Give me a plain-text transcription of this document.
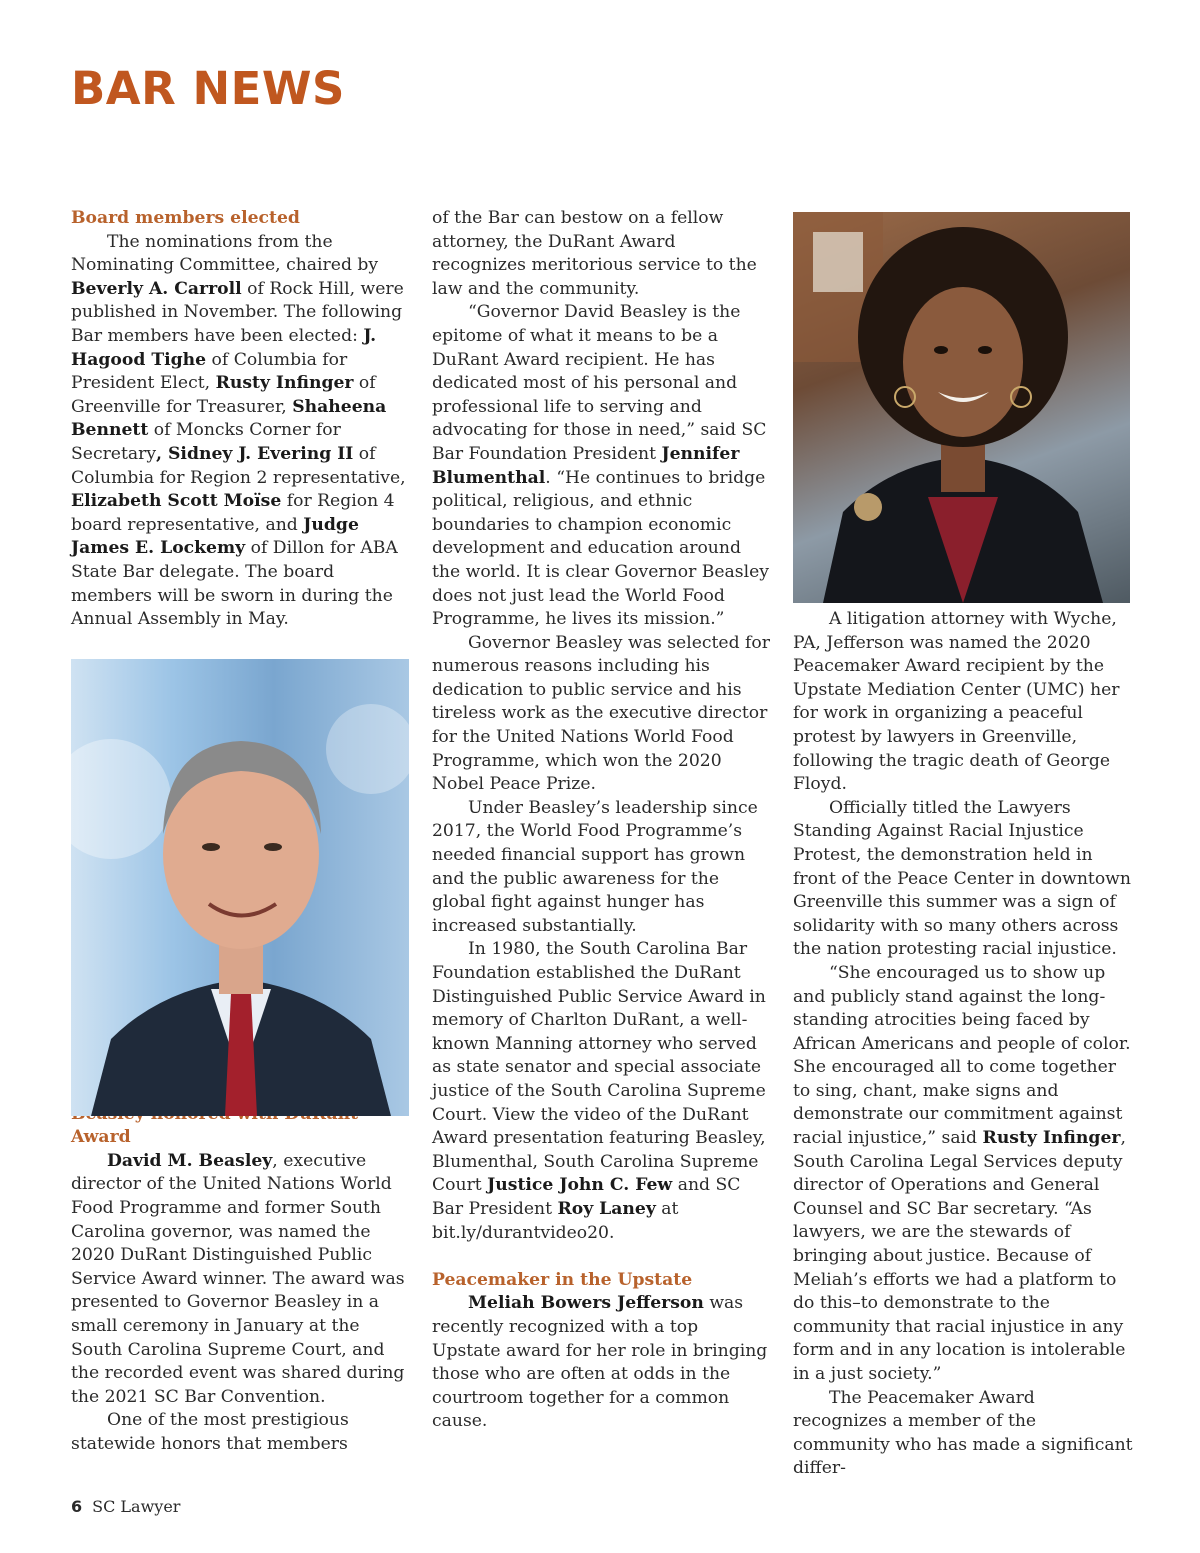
BAR NEWS
Board members elected

The nominations from the Nominating Committee, chaired by Beverly A. Carroll of Rock Hill, were published in November. The following Bar members have been elected: J. Hagood Tighe of Columbia for President Elect, Rusty Infinger of Greenville for Treasurer, Shaheena Bennett of Moncks Corner for Secretary, Sidney J. Evering II of Columbia for Region 2 representative, Elizabeth Scott Moïse for Region 4 board representative, and Judge James E. Lockemy of Dillon for ABA State Bar delegate. The board members will be sworn in during the Annual Assembly in May.

Award

David M. Beasley, executive director of the United Nations World Food Programme and former South Carolina governor, was named the 2020 DuRant Distinguished Public Service Award winner. The award was presented to Governor Beasley in a small ceremony in January at the South Carolina Supreme Court, and the recorded event was shared during the 2021 SC Bar Convention.

One of the most prestigious statewide honors that members

of the Bar can bestow on a fellow attorney, the DuRant Award recognizes meritorious service to the law and the community.

“Governor David Beasley is the epitome of what it means to be a DuRant Award recipient. He has dedicated most of his personal and professional life to serving and advocating for those in need,” said SC Bar Foundation President Jennifer Blumenthal. “He continues to bridge political, religious, and ethnic boundaries to champion economic development and education around the world. It is clear Governor Beasley does not just lead the World Food Programme, he lives its mission.”

Governor Beasley was selected for numerous reasons including his dedication to public service and his tireless work as the executive director for the United Nations World Food Programme, which won the 2020 Nobel Peace Prize.

Under Beasley’s leadership since 2017, the World Food Programme’s needed financial support has grown and the public awareness for the global fight against hunger has increased substantially.

In 1980, the South Carolina Bar Foundation established the DuRant Distinguished Public Service Award in memory of Charlton DuRant, a well-known Manning attorney who served as state senator and special associate justice of the South Carolina Supreme Court. View the video of the DuRant Award presentation featuring Beasley, Blumenthal, South Carolina Supreme Court Justice John C. Few and SC Bar President Roy Laney at bit.ly/durantvideo20.

Peacemaker in the Upstate

Meliah Bowers Jefferson was recently recognized with a top Upstate award for her role in bringing those who are often at odds in the courtroom together for a common cause.

A litigation attorney with Wyche, PA, Jefferson was named the 2020 Peacemaker Award recipient by the Upstate Mediation Center (UMC) her for work in organizing a peaceful protest by lawyers in Greenville, following the tragic death of George Floyd.

Officially titled the Lawyers Standing Against Racial Injustice Protest, the demonstration held in front of the Peace Center in downtown Greenville this summer was a sign of solidarity with so many others across the nation protesting racial injustice.

“She encouraged us to show up and publicly stand against the long-standing atrocities being faced by African Americans and people of color. She encouraged all to come together to sing, chant, make signs and demonstrate our commitment against racial injustice,” said Rusty Infinger, South Carolina Legal Services deputy director of Operations and General Counsel and SC Bar secretary. “As lawyers, we are the stewards of bringing about justice. Because of Meliah’s efforts we had a platform to do this–to demonstrate to the community that racial injustice in any form and in any location is intolerable in a just society.”

The Peacemaker Award recognizes a member of the community who has made a significant differ-

6 SC Lawyer
